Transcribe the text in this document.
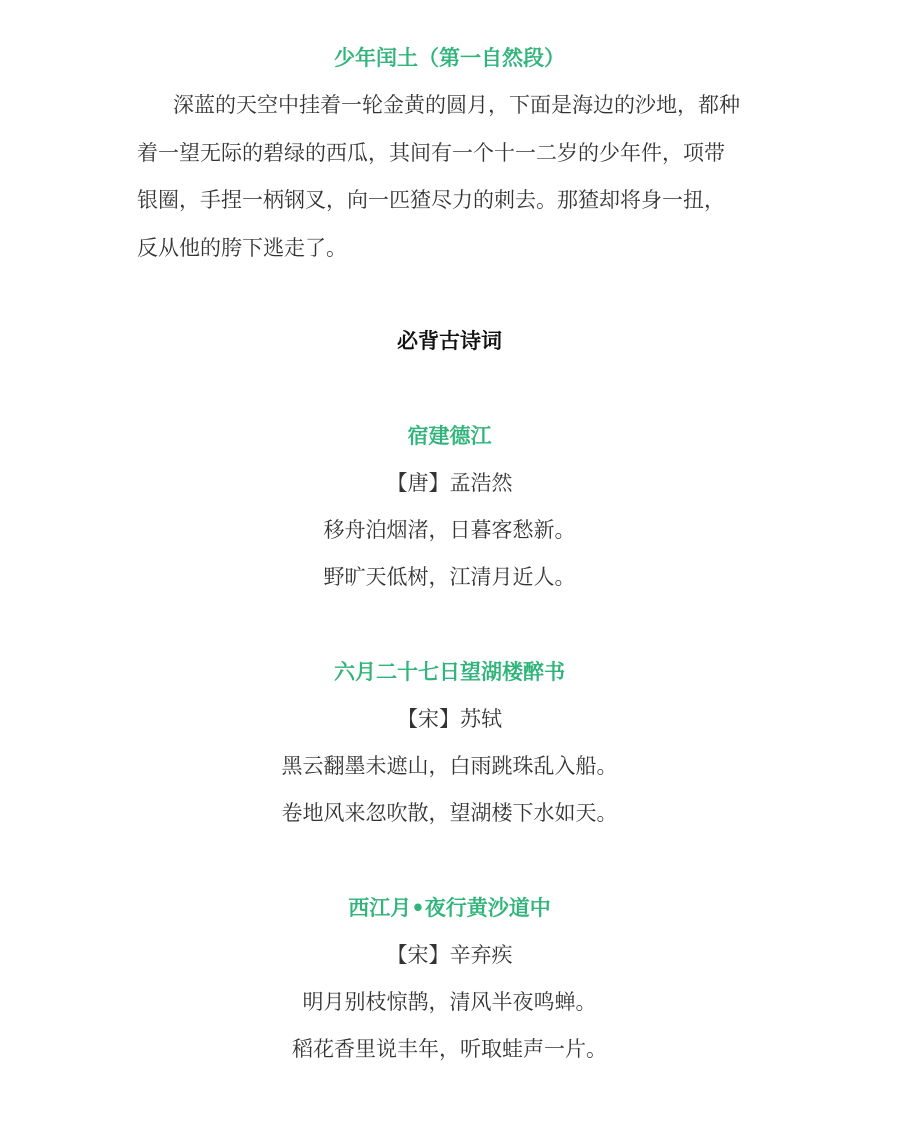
少年闰土（第一自然段）
深蓝的天空中挂着一轮金黄的圆月，下面是海边的沙地，都种
着一望无际的碧绿的西瓜，其间有一个十一二岁的少年件，项带
银圈，手捏一柄钢叉，向一匹猹尽力的刺去。那猹却将身一扭，
反从他的胯下逃走了。
必背古诗词
宿建德江
【唐】孟浩然
移舟泊烟渚，日暮客愁新。
野旷天低树，江清月近人。
六月二十七日望湖楼醉书
【宋】苏轼
黑云翻墨未遮山，白雨跳珠乱入船。
卷地风来忽吹散，望湖楼下水如天。
西江月•夜行黄沙道中
【宋】辛弃疾
明月别枝惊鹊，清风半夜鸣蝉。
稻花香里说丰年，听取蛙声一片。
